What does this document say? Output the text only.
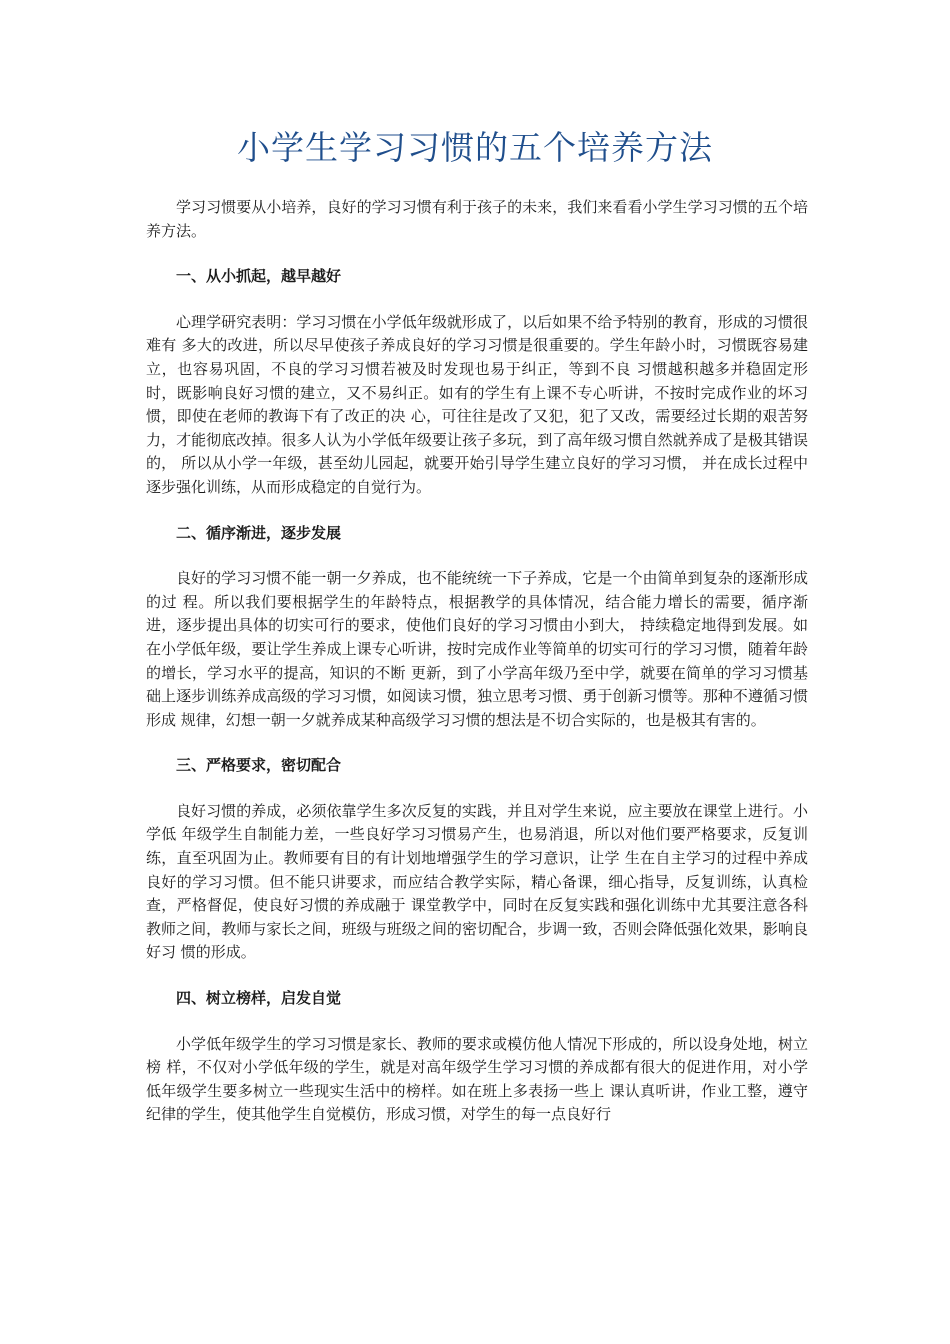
小学生学习习惯的五个培养方法

学习习惯要从小培养，良好的学习习惯有利于孩子的未来，我们来看看小学生学习习惯的五个培养方法。

一、从小抓起，越早越好

心理学研究表明：学习习惯在小学低年级就形成了，以后如果不给予特别的教育，形成的习惯很难有 多大的改进，所以尽早使孩子养成良好的学习习惯是很重要的。学生年龄小时，习惯既容易建立，也容易巩固，不良的学习习惯若被及时发现也易于纠正，等到不良 习惯越积越多并稳固定形时，既影响良好习惯的建立，又不易纠正。如有的学生有上课不专心听讲，不按时完成作业的坏习惯，即使在老师的教诲下有了改正的决 心，可往往是改了又犯，犯了又改，需要经过长期的艰苦努力，才能彻底改掉。很多人认为小学低年级要让孩子多玩，到了高年级习惯自然就养成了是极其错误的， 所以从小学一年级，甚至幼儿园起，就要开始引导学生建立良好的学习习惯， 并在成长过程中逐步强化训练，从而形成稳定的自觉行为。

二、循序渐进，逐步发展

良好的学习习惯不能一朝一夕养成，也不能统统一下子养成，它是一个由简单到复杂的逐渐形成的过 程。所以我们要根据学生的年龄特点，根据教学的具体情况，结合能力增长的需要，循序渐进，逐步提出具体的切实可行的要求，使他们良好的学习习惯由小到大， 持续稳定地得到发展。如在小学低年级，要让学生养成上课专心听讲，按时完成作业等简单的切实可行的学习习惯，随着年龄的增长，学习水平的提高，知识的不断 更新，到了小学高年级乃至中学，就要在简单的学习习惯基础上逐步训练养成高级的学习习惯，如阅读习惯，独立思考习惯、勇于创新习惯等。那种不遵循习惯形成 规律，幻想一朝一夕就养成某种高级学习习惯的想法是不切合实际的，也是极其有害的。

三、严格要求，密切配合

良好习惯的养成，必须依靠学生多次反复的实践，并且对学生来说，应主要放在课堂上进行。小学低 年级学生自制能力差，一些良好学习习惯易产生，也易消退，所以对他们要严格要求，反复训练，直至巩固为止。教师要有目的有计划地增强学生的学习意识，让学 生在自主学习的过程中养成良好的学习习惯。但不能只讲要求，而应结合教学实际，精心备课，细心指导，反复训练，认真检查，严格督促，使良好习惯的养成融于 课堂教学中，同时在反复实践和强化训练中尤其要注意各科教师之间，教师与家长之间，班级与班级之间的密切配合，步调一致，否则会降低强化效果，影响良好习 惯的形成。

四、树立榜样，启发自觉

小学低年级学生的学习习惯是家长、教师的要求或模仿他人情况下形成的，所以设身处地，树立榜 样，不仅对小学低年级的学生，就是对高年级学生学习习惯的养成都有很大的促进作用，对小学低年级学生要多树立一些现实生活中的榜样。如在班上多表扬一些上 课认真听讲，作业工整，遵守纪律的学生，使其他学生自觉模仿，形成习惯，对学生的每一点良好行
